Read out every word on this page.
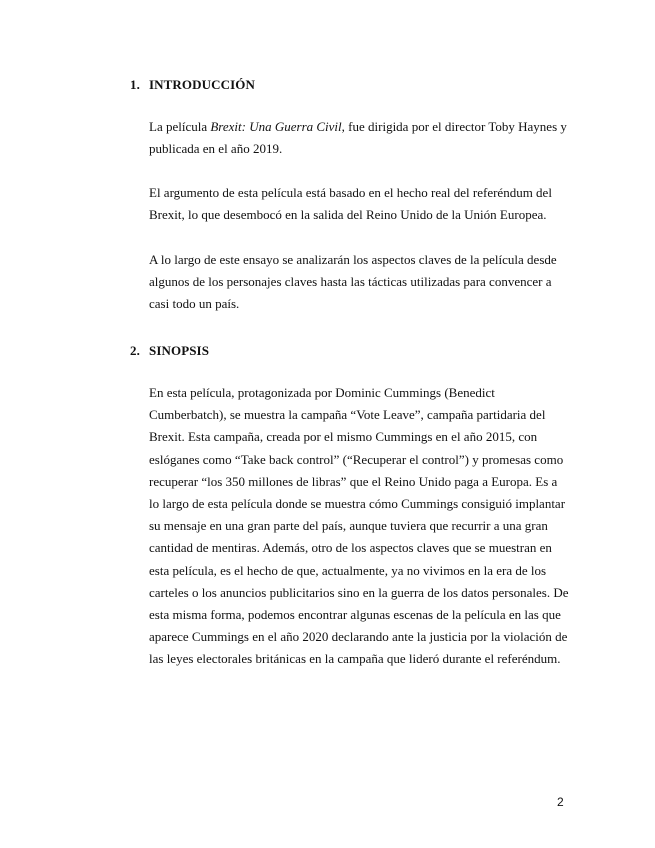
1. INTRODUCCIÓN
La película Brexit: Una Guerra Civil, fue dirigida por el director Toby Haynes y
publicada en el año 2019.
El argumento de esta película está basado en el hecho real del referéndum del
Brexit, lo que desembocó en la salida del Reino Unido de la Unión Europea.
A lo largo de este ensayo se analizarán los aspectos claves de la película desde
algunos de los personajes claves hasta las tácticas utilizadas para convencer a
casi todo un país.
2. SINOPSIS
En esta película, protagonizada por Dominic Cummings (Benedict
Cumberbatch), se muestra la campaña “Vote Leave”, campaña partidaria del
Brexit. Esta campaña, creada por el mismo Cummings en el año 2015, con
eslóganes como “Take back control” (“Recuperar el control”) y promesas como
recuperar “los 350 millones de libras” que el Reino Unido paga a Europa. Es a
lo largo de esta película donde se muestra cómo Cummings consiguió implantar
su mensaje en una gran parte del país, aunque tuviera que recurrir a una gran
cantidad de mentiras. Además, otro de los aspectos claves que se muestran en
esta película, es el hecho de que, actualmente, ya no vivimos en la era de los
carteles o los anuncios publicitarios sino en la guerra de los datos personales. De
esta misma forma, podemos encontrar algunas escenas de la película en las que
aparece Cummings en el año 2020 declarando ante la justicia por la violación de
las leyes electorales británicas en la campaña que lideró durante el referéndum.
2
